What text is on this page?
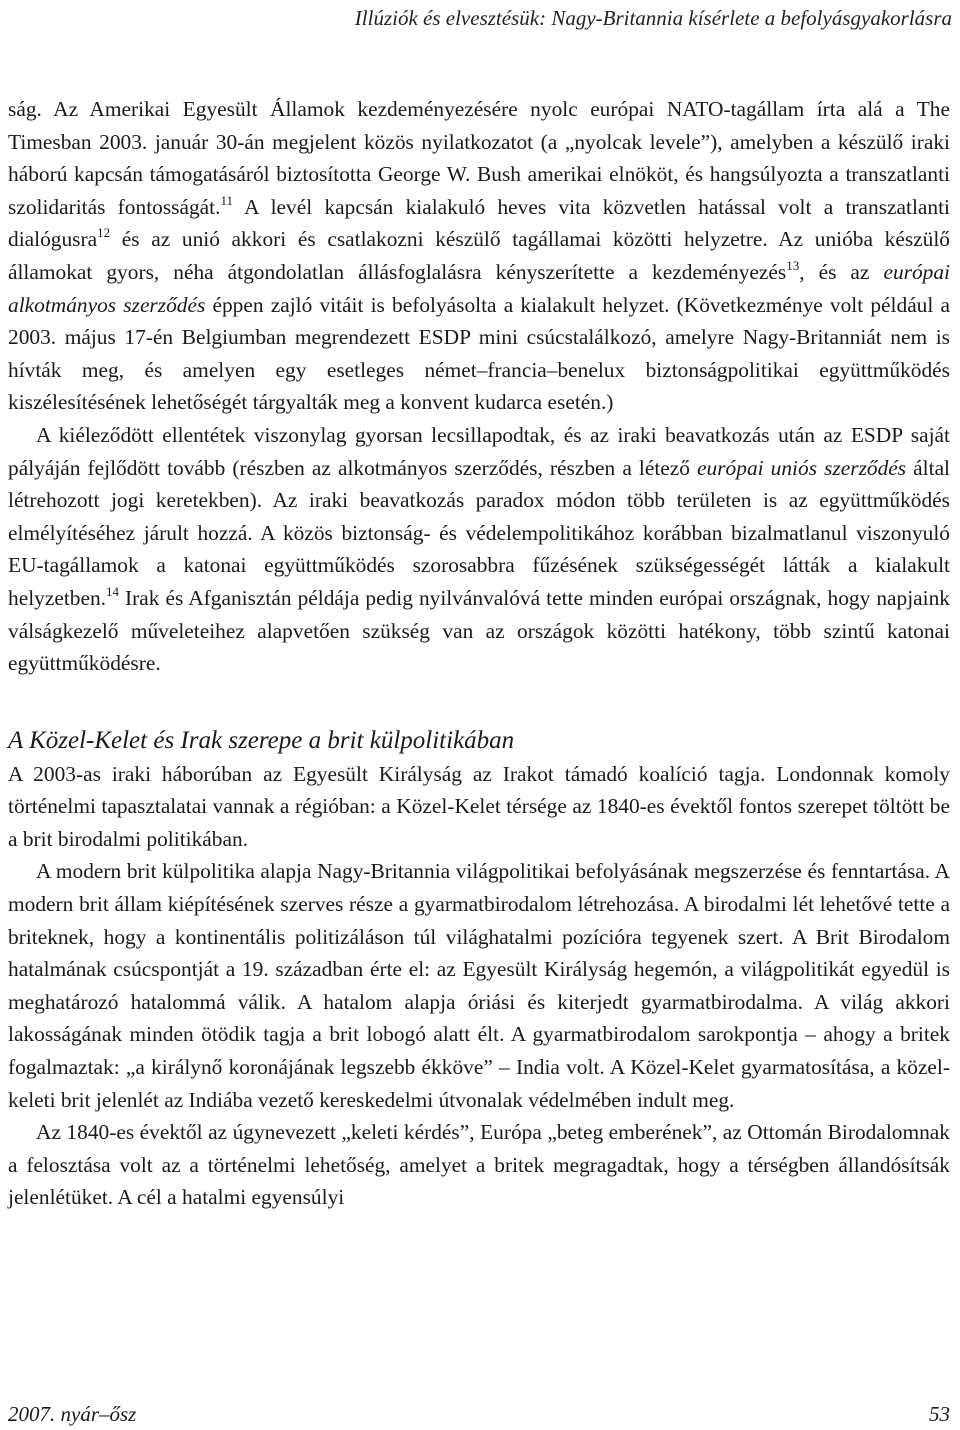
Illúziók és elvesztésük: Nagy-Britannia kísérlete a befolyásgyakorlásra

ság. Az Amerikai Egyesült Államok kezdeményezésére nyolc európai NATO-tagállam írta alá a The Timesban 2003. január 30-án megjelent közös nyilatkozatot (a „nyolcak levele”), amelyben a készülő iraki háború kapcsán támogatásáról biztosította George W. Bush amerikai elnököt, és hangsúlyozta a transzatlanti szolidaritás fontosságát.$^{11}$ A levél kapcsán kialakuló heves vita közvetlen hatással volt a transzatlanti dialógusra$^{12}$ és az unió akkori és csatlakozni készülő tagállamai közötti helyzetre. Az unióba készülő államokat gyors, néha átgondolatlan állásfoglalásra kényszerítette a kezdeményezés$^{13}$, és az európai alkotmányos szerződés éppen zajló vitáit is befolyásolta a kialakult helyzet. (Következménye volt például a 2003. május 17-én Belgiumban megrendezett ESDP mini csúcstalálkozó, amelyre Nagy-Britanniát nem is hívták meg, és amelyen egy esetleges német–francia–benelux biztonságpolitikai együttműködés kiszélesítésének lehetőségét tárgyalták meg a konvent kudarca esetén.)

A kiéleződött ellentétek viszonylag gyorsan lecsillapodtak, és az iraki beavatkozás után az ESDP saját pályáján fejlődött tovább (részben az alkotmányos szerződés, részben a létező európai uniós szerződés által létrehozott jogi keretekben). Az iraki beavatkozás paradox módon több területen is az együttműködés elmélyítéséhez járult hozzá. A közös biztonság- és védelempolitikához korábban bizalmatlanul viszonyuló EU-tagállamok a katonai együttműködés szorosabbra fűzésének szükségességét látták a kialakult helyzetben.$^{14}$ Irak és Afganisztán példája pedig nyilvánvalóvá tette minden európai országnak, hogy napjaink válságkezelő műveleteihez alapvetően szükség van az országok közötti hatékony, több szintű katonai együttműködésre.

A Közel-Kelet és Irak szerepe a brit külpolitikában

A 2003-as iraki háborúban az Egyesült Királyság az Irakot támadó koalíció tagja. Londonnak komoly történelmi tapasztalatai vannak a régióban: a Közel-Kelet térsége az 1840-es évektől fontos szerepet töltött be a brit birodalmi politikában.

A modern brit külpolitika alapja Nagy-Britannia világpolitikai befolyásának megszerzése és fenntartása. A modern brit állam kiépítésének szerves része a gyarmatbirodalom létrehozása. A birodalmi lét lehetővé tette a briteknek, hogy a kontinentális politizáláson túl világhatalmi pozícióra tegyenek szert. A Brit Birodalom hatalmának csúcspontját a 19. században érte el: az Egyesült Királyság hegemón, a világpolitikát egyedül is meghatározó hatalommá válik. A hatalom alapja óriási és kiterjedt gyarmatbirodalma. A világ akkori lakosságának minden ötödik tagja a brit lobogó alatt élt. A gyarmatbirodalom sarokpontja – ahogy a britek fogalmaztak: „a királynő koronájának legszebb ékköve” – India volt. A Közel-Kelet gyarmatosítása, a közel-keleti brit jelenlét az Indiába vezető kereskedelmi útvonalak védelmében indult meg.

Az 1840-es évektől az úgynevezett „keleti kérdés”, Európa „beteg emberének”, az Ottomán Birodalomnak a felosztása volt az a történelmi lehetőség, amelyet a britek megragadtak, hogy a térségben állandósítsák jelenlétüket. A cél a hatalmi egyensúlyi

2007. nyár–ősz	53
